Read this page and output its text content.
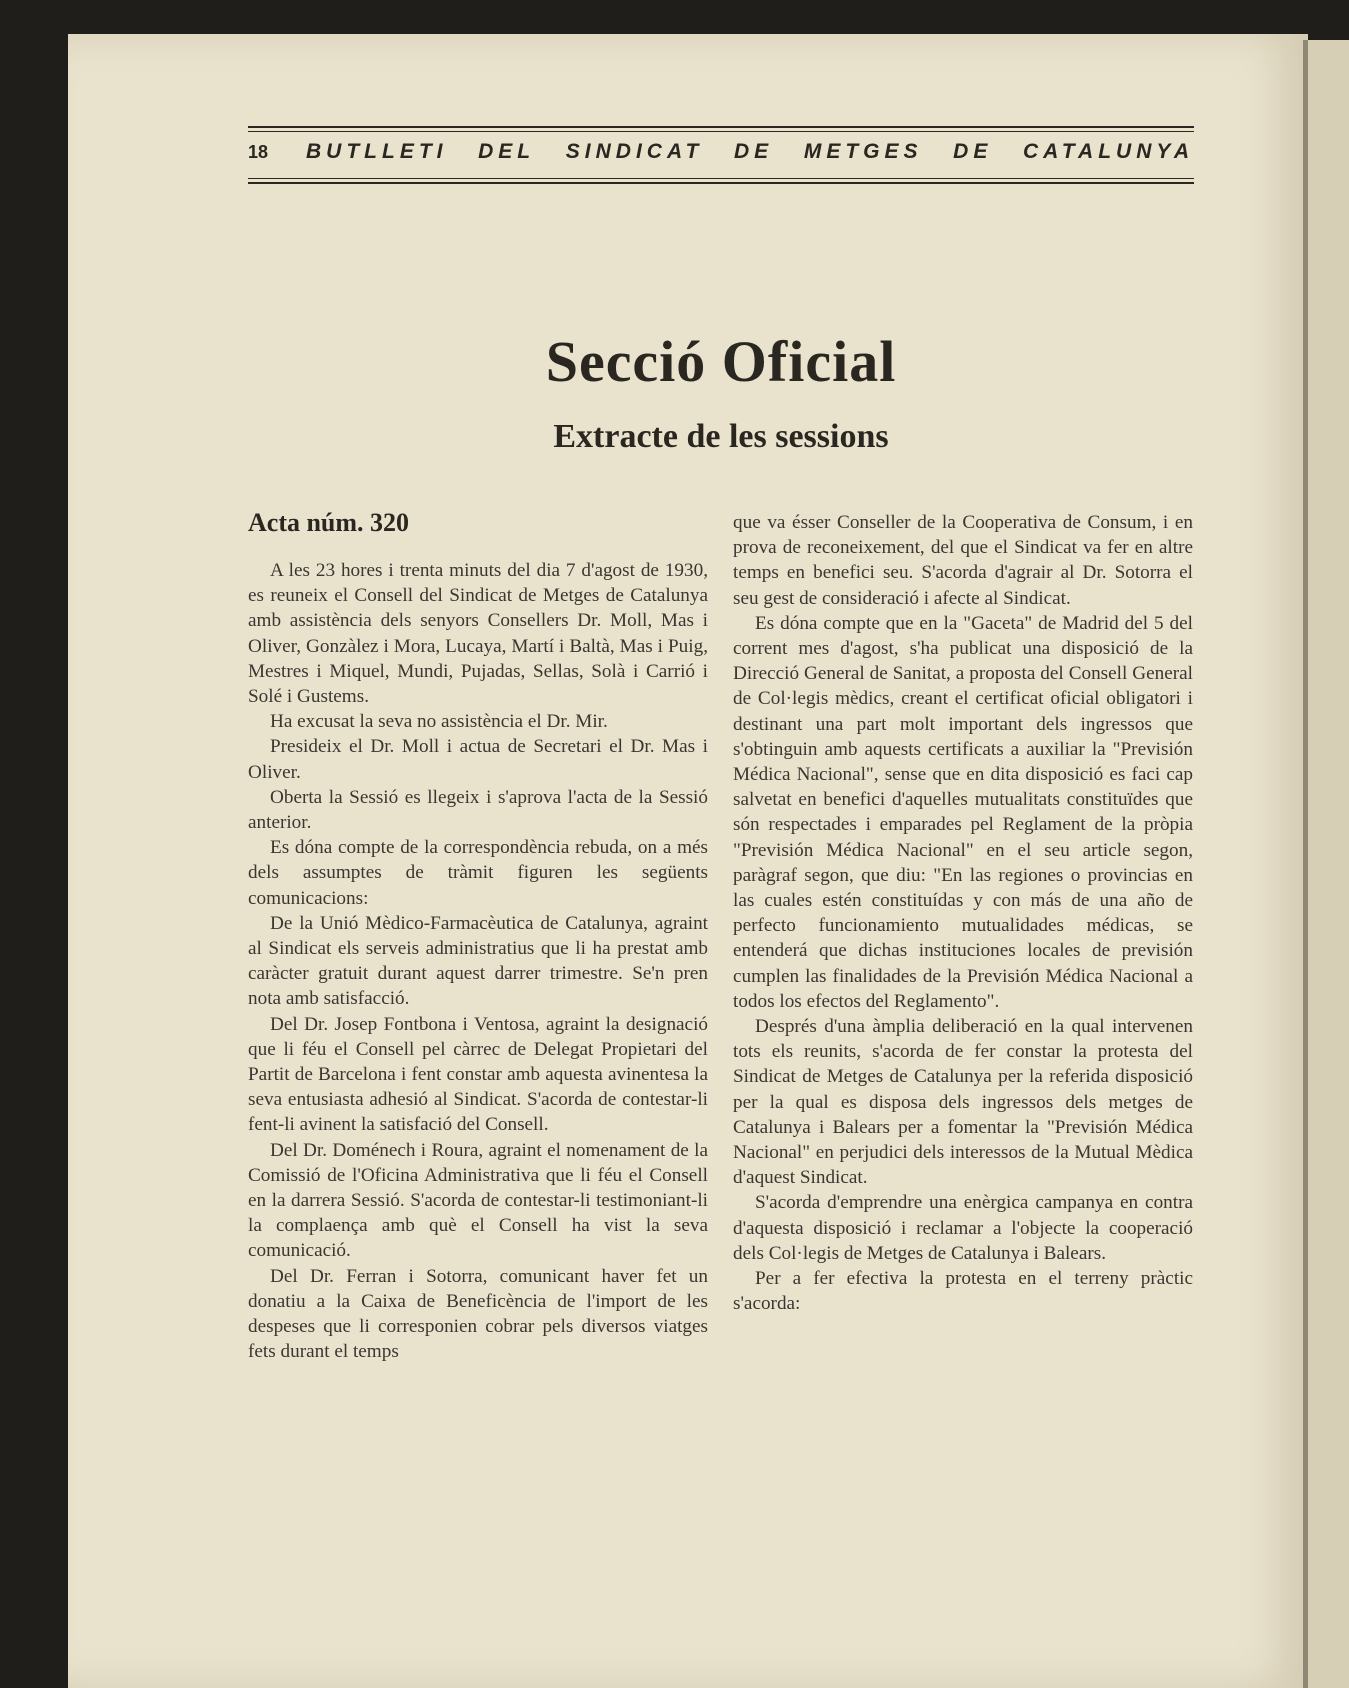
18	BUTLLETI DEL SINDICAT DE METGES DE CATALUNYA
Secció Oficial
Extracte de les sessions
Acta núm. 320

A les 23 hores i trenta minuts del dia 7 d'agost de 1930, es reuneix el Consell del Sindicat de Metges de Catalunya amb assistència dels senyors Consellers Dr. Moll, Mas i Oliver, Gonzàlez i Mora, Lucaya, Martí i Baltà, Mas i Puig, Mestres i Miquel, Mundi, Pujadas, Sellas, Solà i Carrió i Solé i Gustems.

Ha excusat la seva no assistència el Dr. Mir.

Presideix el Dr. Moll i actua de Secretari el Dr. Mas i Oliver.

Oberta la Sessió es llegeix i s'aprova l'acta de la Sessió anterior.

Es dóna compte de la correspondència rebuda, on a més dels assumptes de tràmit figuren les següents comunicacions:

De la Unió Mèdico-Farmacèutica de Catalunya, agraint al Sindicat els serveis administratius que li ha prestat amb caràcter gratuit durant aquest darrer trimestre. Se'n pren nota amb satisfacció.

Del Dr. Josep Fontbona i Ventosa, agraint la designació que li féu el Consell pel càrrec de Delegat Propietari del Partit de Barcelona i fent constar amb aquesta avinentesa la seva entusiasta adhesió al Sindicat. S'acorda de contestar-li fent-li avinent la satisfació del Consell.

Del Dr. Doménech i Roura, agraint el nomenament de la Comissió de l'Oficina Administrativa que li féu el Consell en la darrera Sessió. S'acorda de contestar-li testimoniant-li la complaença amb què el Consell ha vist la seva comunicació.

Del Dr. Ferran i Sotorra, comunicant haver fet un donatiu a la Caixa de Beneficència de l'import de les despeses que li corresponien cobrar pels diversos viatges fets durant el temps

que va ésser Conseller de la Cooperativa de Consum, i en prova de reconeixement, del que el Sindicat va fer en altre temps en benefici seu. S'acorda d'agrair al Dr. Sotorra el seu gest de consideració i afecte al Sindicat.

Es dóna compte que en la "Gaceta" de Madrid del 5 del corrent mes d'agost, s'ha publicat una disposició de la Direcció General de Sanitat, a proposta del Consell General de Col·legis mèdics, creant el certificat oficial obligatori i destinant una part molt important dels ingressos que s'obtinguin amb aquests certificats a auxiliar la "Previsión Médica Nacional", sense que en dita disposició es faci cap salvetat en benefici d'aquelles mutualitats constituïdes que són respectades i emparades pel Reglament de la pròpia "Previsión Médica Nacional" en el seu article segon, paràgraf segon, que diu: "En las regiones o provincias en las cuales estén constituídas y con más de una año de perfecto funcionamiento mutualidades médicas, se entenderá que dichas instituciones locales de previsión cumplen las finalidades de la Previsión Médica Nacional a todos los efectos del Reglamento".

Després d'una àmplia deliberació en la qual intervenen tots els reunits, s'acorda de fer constar la protesta del Sindicat de Metges de Catalunya per la referida disposició per la qual es disposa dels ingressos dels metges de Catalunya i Balears per a fomentar la "Previsión Médica Nacional" en perjudici dels interessos de la Mutual Mèdica d'aquest Sindicat.

S'acorda d'emprendre una enèrgica campanya en contra d'aquesta disposició i reclamar a l'objecte la cooperació dels Col·legis de Metges de Catalunya i Balears.

Per a fer efectiva la protesta en el terreny pràctic s'acorda:
